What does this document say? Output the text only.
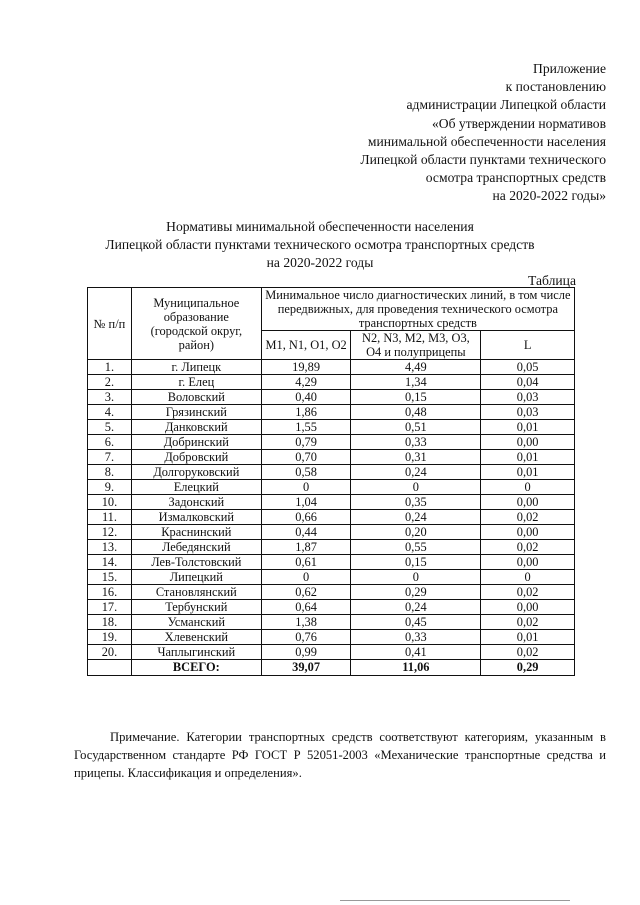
Приложение
к постановлению
администрации Липецкой области
«Об утверждении нормативов
минимальной обеспеченности населения
Липецкой области пунктами технического
осмотра транспортных средств
на 2020-2022 годы»
Нормативы минимальной обеспеченности населения
Липецкой области пунктами технического осмотра транспортных средств
на 2020-2022 годы
Таблица
№ п/п	Муниципальное образование (городской округ, район)	Минимальное число диагностических линий, в том числе передвижных, для проведения технического осмотра транспортных средств		
		M1, N1, O1, O2	N2, N3, M2, M3, O3, O4 и полуприцепы	L
1.	г. Липецк	19,89	4,49	0,05
2.	г. Елец	4,29	1,34	0,04
3.	Воловский	0,40	0,15	0,03
4.	Грязинский	1,86	0,48	0,03
5.	Данковский	1,55	0,51	0,01
6.	Добринский	0,79	0,33	0,00
7.	Добровский	0,70	0,31	0,01
8.	Долгоруковский	0,58	0,24	0,01
9.	Елецкий	0	0	0
10.	Задонский	1,04	0,35	0,00
11.	Измалковский	0,66	0,24	0,02
12.	Краснинский	0,44	0,20	0,00
13.	Лебедянский	1,87	0,55	0,02
14.	Лев-Толстовский	0,61	0,15	0,00
15.	Липецкий	0	0	0
16.	Становлянский	0,62	0,29	0,02
17.	Тербунский	0,64	0,24	0,00
18.	Усманский	1,38	0,45	0,02
19.	Хлевенский	0,76	0,33	0,01
20.	Чаплыгинский	0,99	0,41	0,02
	ВСЕГО:	39,07	11,06	0,29
Примечание. Категории транспортных средств соответствуют категориям, указанным в Государственном стандарте РФ ГОСТ Р 52051-2003 «Механические транспортные средства и прицепы. Классификация и определения».
